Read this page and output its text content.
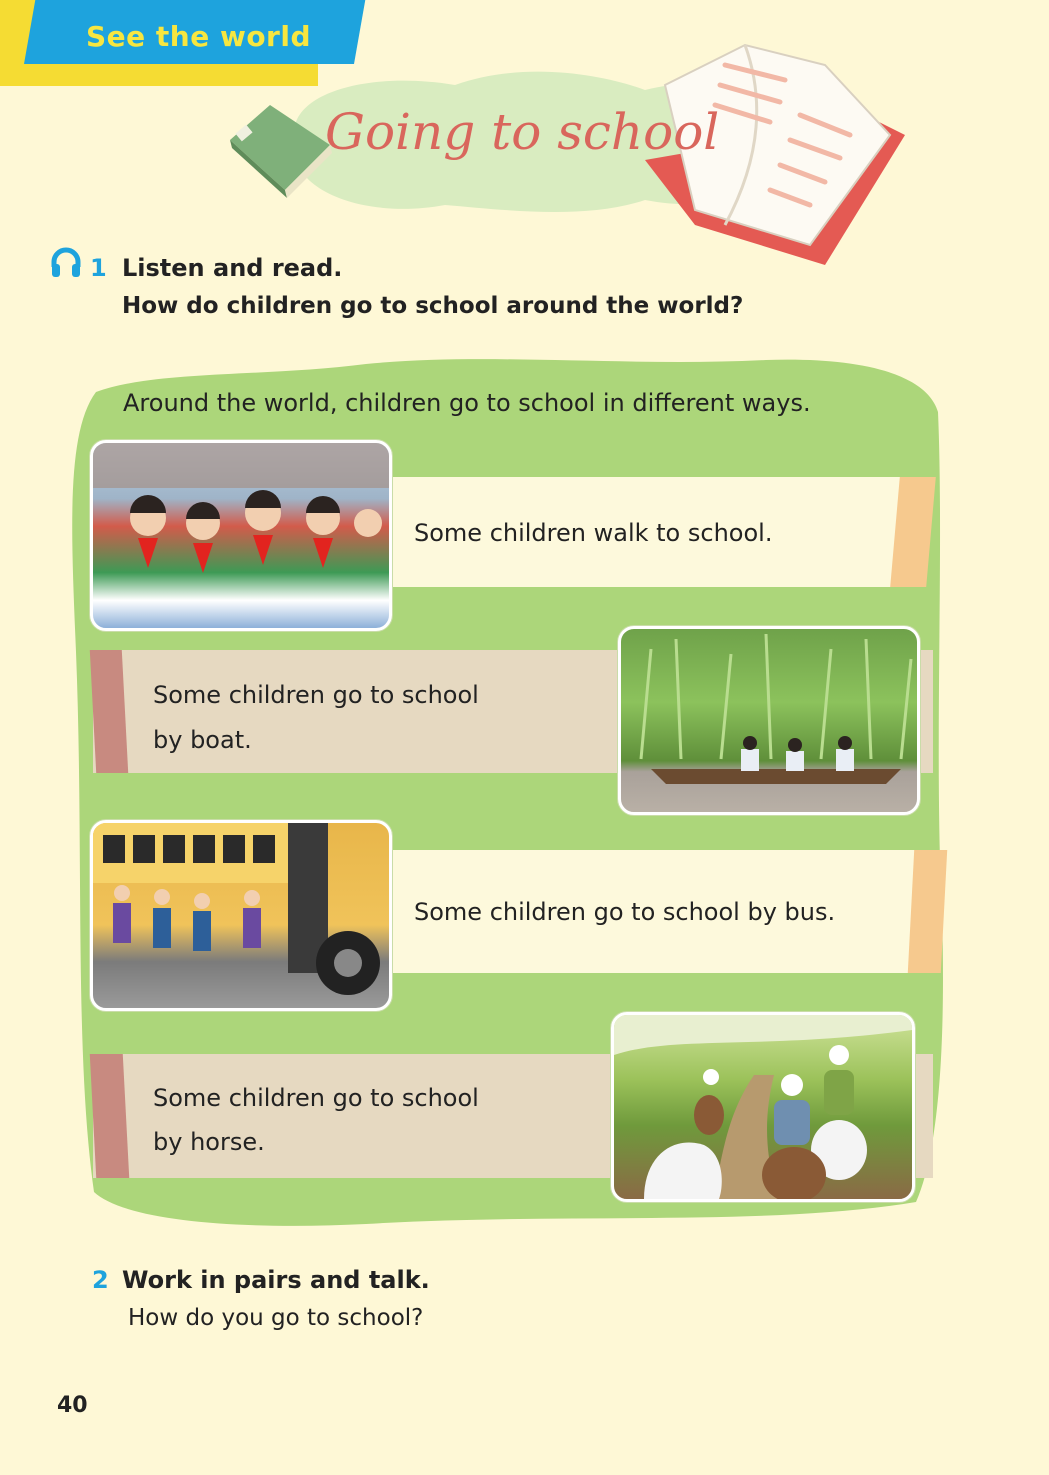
See the world
Going to school
1 Listen and read.
How do children go to school around the world?
Around the world, children go to school in different ways.
Some children walk to school.
Some children go to school
by boat.
Some children go to school by bus.
Some children go to school
by horse.
2 Work in pairs and talk.
How do you go to school?
40
